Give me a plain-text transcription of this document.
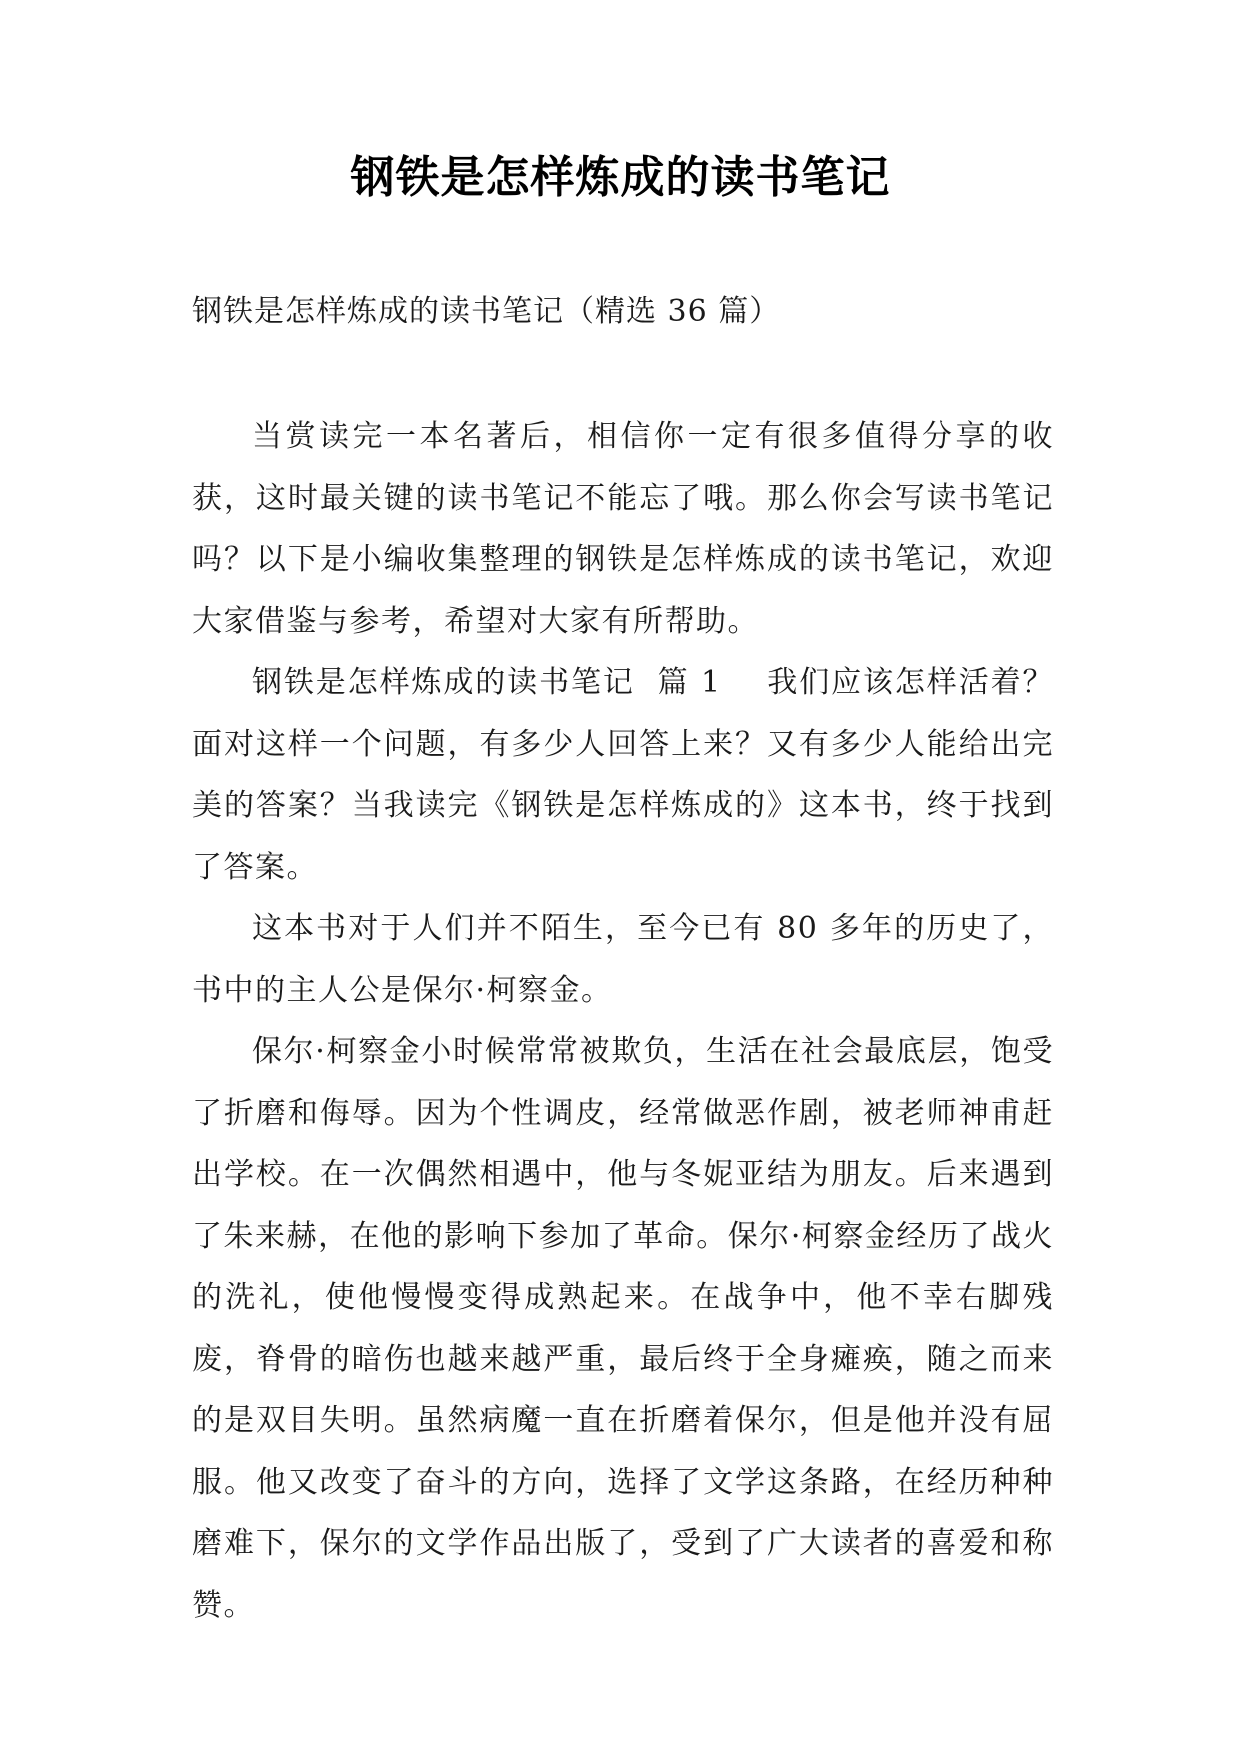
钢铁是怎样炼成的读书笔记
钢铁是怎样炼成的读书笔记（精选 36 篇）

当赏读完一本名著后，相信你一定有很多值得分享的收获，这时最关键的读书笔记不能忘了哦。那么你会写读书笔记吗？以下是小编收集整理的钢铁是怎样炼成的读书笔记，欢迎大家借鉴与参考，希望对大家有所帮助。

钢铁是怎样炼成的读书笔记  篇 1    我们应该怎样活着？面对这样一个问题，有多少人回答上来？又有多少人能给出完美的答案？当我读完《钢铁是怎样炼成的》这本书，终于找到了答案。

这本书对于人们并不陌生，至今已有 80 多年的历史了，书中的主人公是保尔·柯察金。

保尔·柯察金小时候常常被欺负，生活在社会最底层，饱受了折磨和侮辱。因为个性调皮，经常做恶作剧，被老师神甫赶出学校。在一次偶然相遇中，他与冬妮亚结为朋友。后来遇到了朱来赫，在他的影响下参加了革命。保尔·柯察金经历了战火的洗礼，使他慢慢变得成熟起来。在战争中，他不幸右脚残废，脊骨的暗伤也越来越严重，最后终于全身瘫痪，随之而来的是双目失明。虽然病魔一直在折磨着保尔，但是他并没有屈服。他又改变了奋斗的方向，选择了文学这条路，在经历种种磨难下，保尔的文学作品出版了，受到了广大读者的喜爱和称赞。
